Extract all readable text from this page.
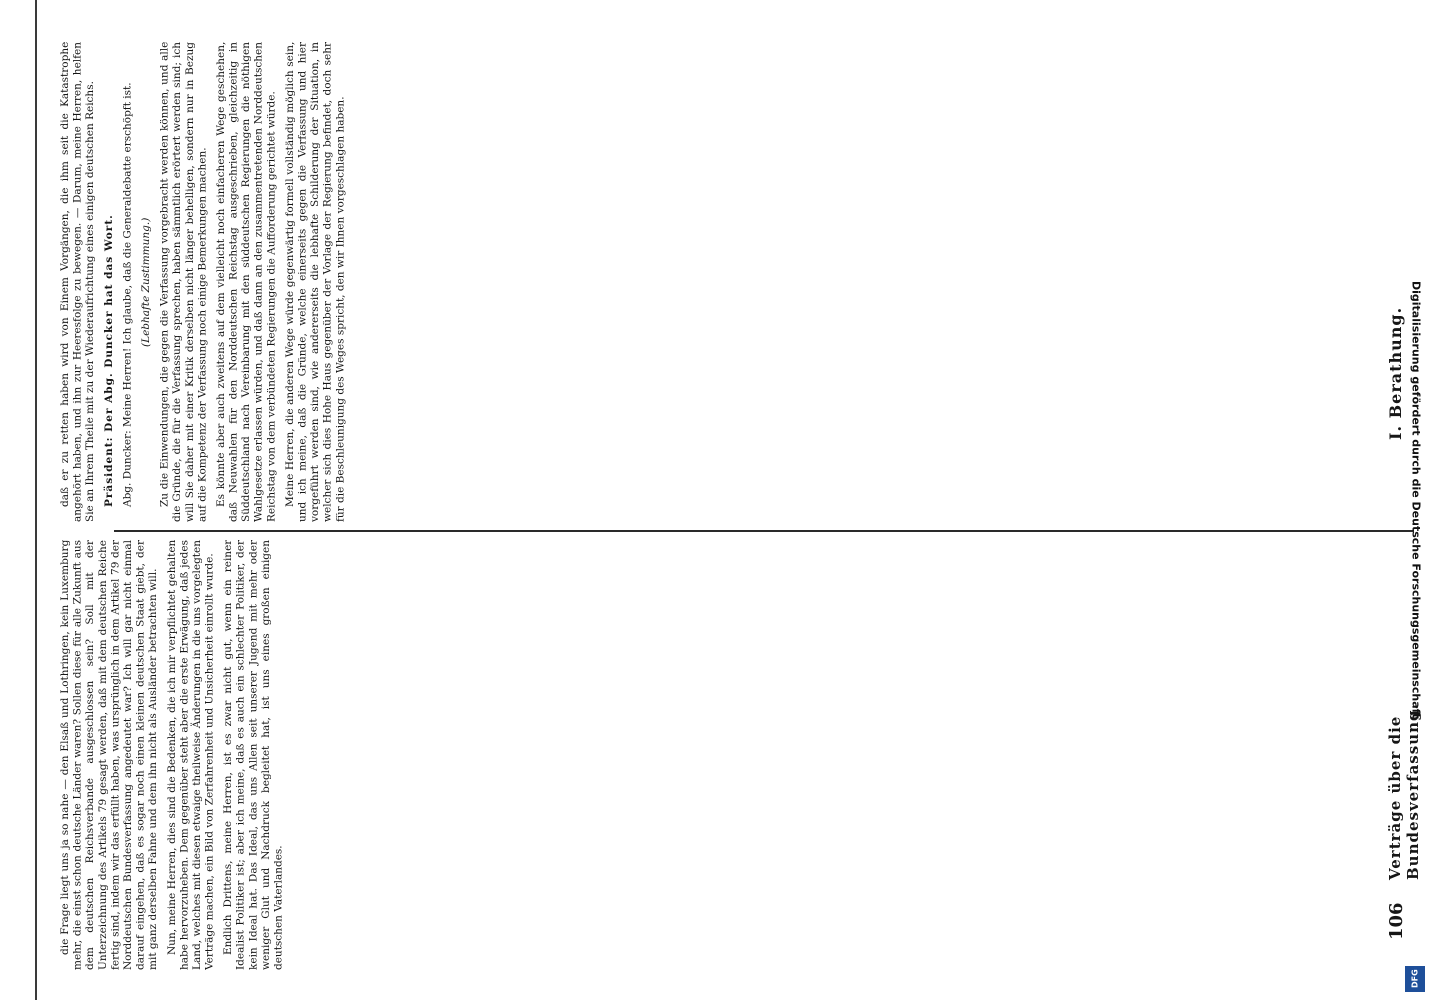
106
Verträge über die Bundesverfassung.
I. Berathung.

die Frage liegt uns ja so nahe — den Elsaß und Lothringen, kein Luxemburg mehr, die einst schon deutsche Länder waren? Sollen diese für alle Zukunft aus dem deutschen Reichsverbande ausgeschlossen sein? Soll mit der Unterzeichnung des Artikels 79 gesagt werden, daß mit dem deutschen Reiche fertig sind, indem wir das erfüllt haben, was ursprünglich in dem Artikel 79 der Norddeutschen Bundesverfassung angedeutet war? Ich will gar nicht einmal darauf eingehen, daß es sogar noch einen kleinen deutschen Staat giebt, der mit ganz derselben Fahne und dem ihn nicht als Ausländer betrachten will. Nun, meine Herren, dies sind die Bedenken, die ich mir verpflichtet gehalten habe hervorzuheben. Dem gegenüber steht aber die erste Erwägung, daß jedes Land, welches mit diesen etwaige theilweise Änderungen in die uns vorgelegten Verträge machen, ein Bild von Zerfahrenheit und Unsicherheit einrollt wurde. Endlich Drittens, meine Herren, ist es zwar nicht gut, wenn ein reiner Idealist Politiker ist; aber ich meine, daß es auch ein schlechter Politiker, der kein Ideal hat. Das Ideal, das uns Allen seit unserer Jugend mit mehr oder weniger Glut und Nachdruck begleitet hat, ist uns eines großen einigen deutschen Vaterlandes.

daß er zu retten haben wird von Einem Vorgängen, die ihm seit die Katastrophe angehört haben, und ihn zur Heeresfolge zu bewegen. — Darum, meine Herren, helfen Sie an Ihrem Theile mit zu der Wiederaufrichtung eines einigen deutschen Reichs. Präsident: Der Abg. Duncker hat das Wort. Abg. Duncker: Meine Herren! Ich glaube, daß die Generaldebatte erschöpft ist. (Lebhafte Zustimmung.) Zu die Einwendungen, die gegen die Verfassung vorgebracht werden können, und alle die Gründe, die für die Verfassung sprechen, haben sämmtlich erörtert werden sind; ich will Sie daher mit einer Kritik derselben nicht länger behelligen, sondern nur in Bezug auf die Kompetenz der Verfassung noch einige Bemerkungen machen. Es könnte aber auch zweitens auf dem vielleicht noch einfacheren Wege geschehen, daß Neuwahlen für den Norddeutschen Reichstag ausgeschrieben, gleichzeitig in Süddeutschland nach Vereinbarung mit den süddeutschen Regierungen die nöthigen Wahlgesetze erlassen würden, und daß dann an den zusammentretenden Norddeutschen Reichstag von dem verbündeten Regierungen die Aufforderung gerichtet würde. Meine Herren, die anderen Wege würde gegenwärtig formell vollständig möglich sein, und ich meine, daß die Gründe, welche einerseits gegen die Verfassung und hier vorgeführt werden sind, wie andererseits die lebhafte Schilderung der Situation, in welcher sich dies Hohe Haus gegenüber der Vorlage der Regierung befindet, doch sehr für die Beschleunigung des Weges spricht, den wir Ihnen vorgeschlagen haben.	Digitalisierung gefördert durch die Deutsche Forschungsgemeinschaft
DFG
